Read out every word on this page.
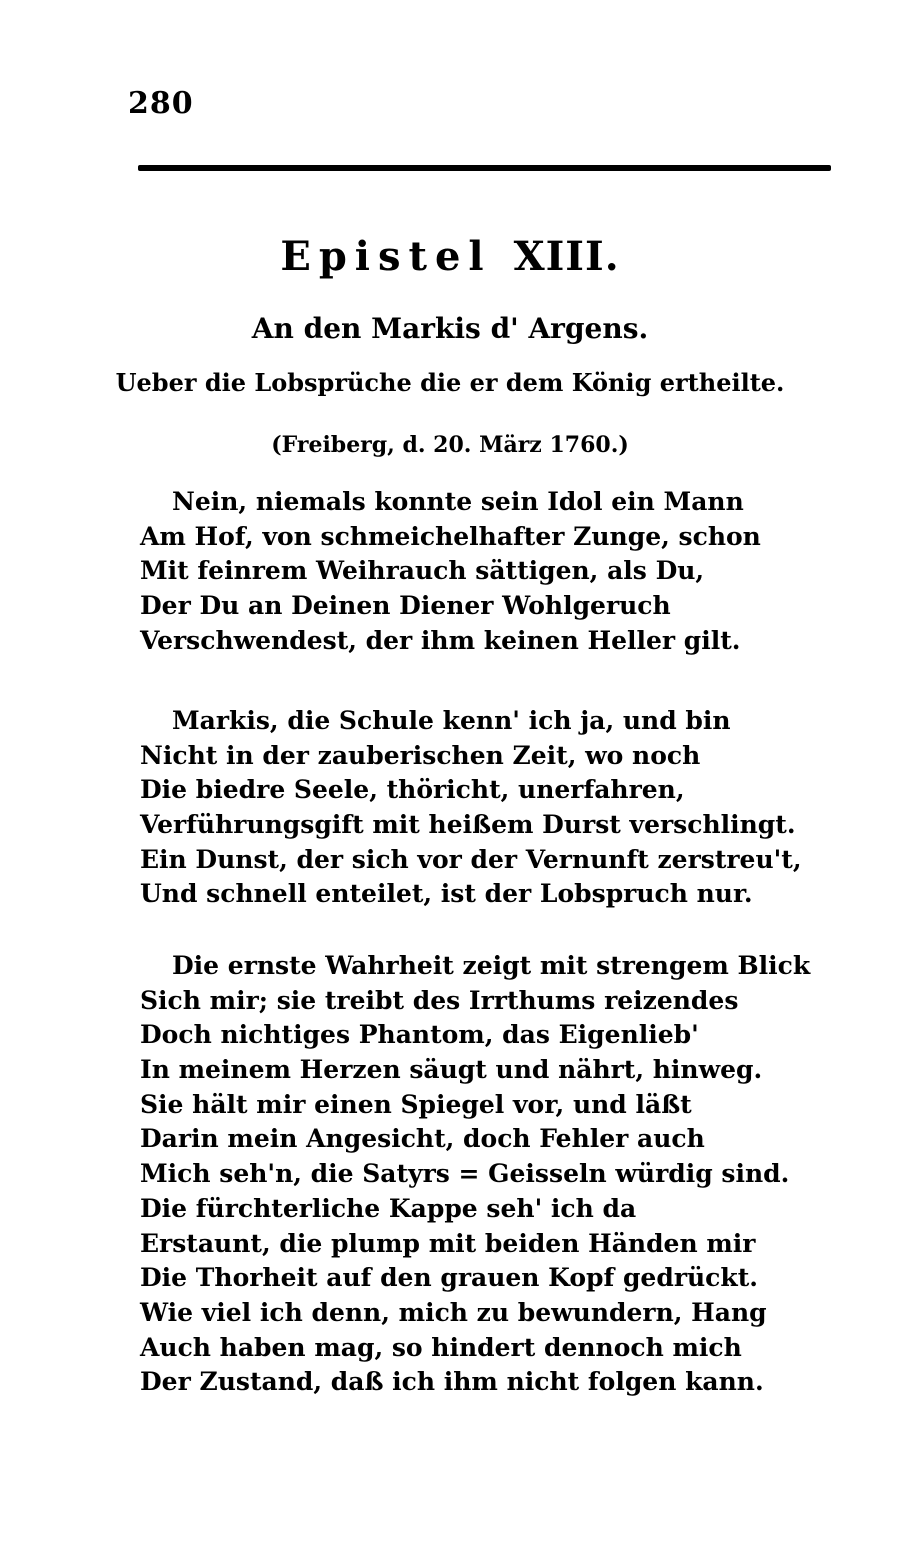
280
Epistel XIII.
An den Markis d' Argens.
Ueber die Lobsprüche die er dem König ertheilte.
(Freiberg, d. 20. März 1760.)
Nein, niemals konnte sein Idol ein Mann
Am Hof, von schmeichelhafter Zunge, schon
Mit feinrem Weihrauch sättigen, als Du,
Der Du an Deinen Diener Wohlgeruch
Verschwendest, der ihm keinen Heller gilt.
Markis, die Schule kenn' ich ja, und bin
Nicht in der zauberischen Zeit, wo noch
Die biedre Seele, thöricht, unerfahren,
Verführungsgift mit heißem Durst verschlingt.
Ein Dunst, der sich vor der Vernunft zerstreu't,
Und schnell enteilet, ist der Lobspruch nur.
Die ernste Wahrheit zeigt mit strengem Blick
Sich mir; sie treibt des Irrthums reizendes
Doch nichtiges Phantom, das Eigenlieb'
In meinem Herzen säugt und nährt, hinweg.
Sie hält mir einen Spiegel vor, und läßt
Darin mein Angesicht, doch Fehler auch
Mich seh'n, die Satyrs = Geisseln würdig sind.
Die fürchterliche Kappe seh' ich da
Erstaunt, die plump mit beiden Händen mir
Die Thorheit auf den grauen Kopf gedrückt.
Wie viel ich denn, mich zu bewundern, Hang
Auch haben mag, so hindert dennoch mich
Der Zustand, daß ich ihm nicht folgen kann.
